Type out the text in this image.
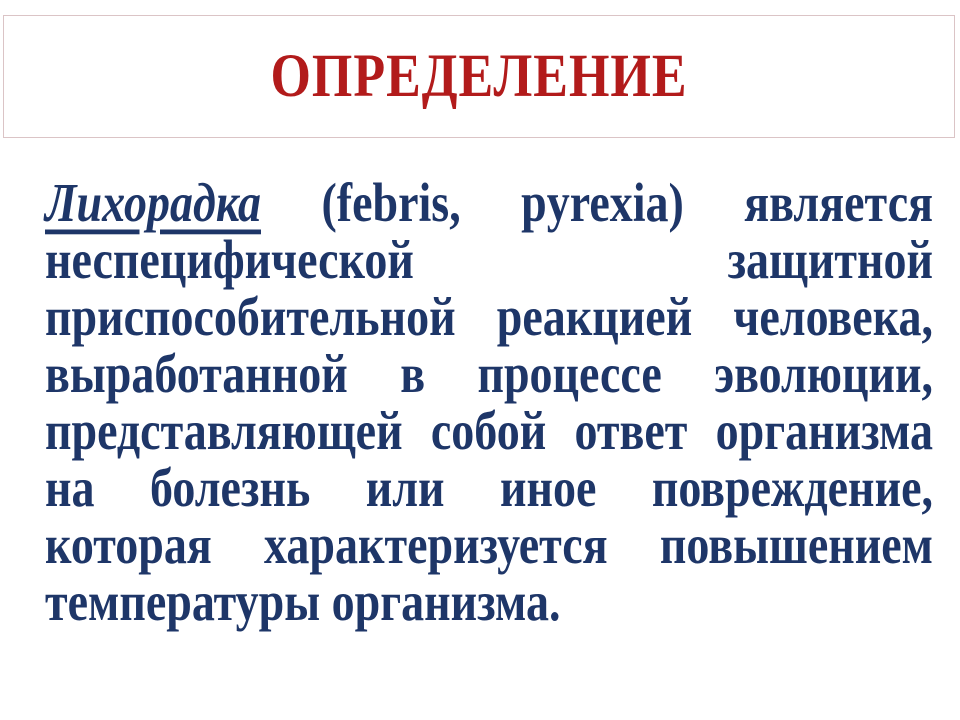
ОПРЕДЕЛЕНИЕ
Лихорадка (febris, pyrexia) является
неспецифической защитной
приспособительной реакцией человека,
выработанной в процессе эволюции,
представляющей собой ответ организма
на болезнь или иное повреждение,
которая характеризуется повышением
температуры организма.
